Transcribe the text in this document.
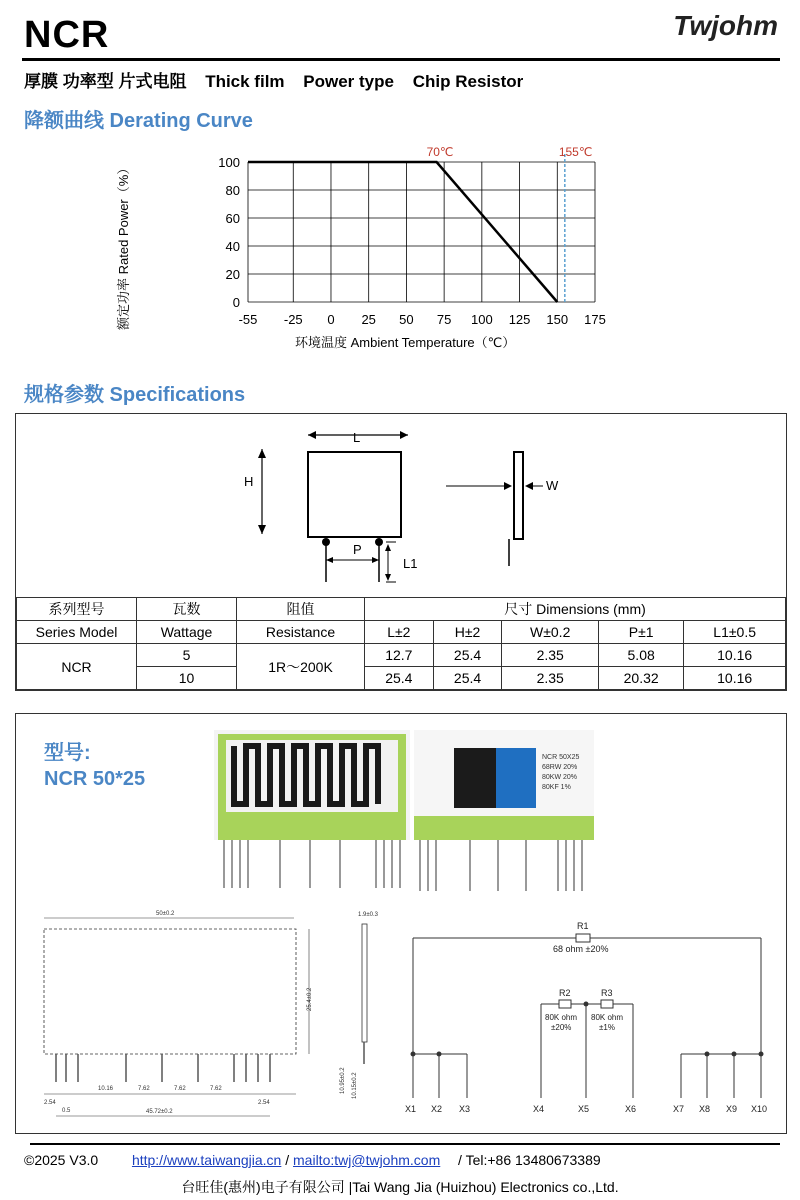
NCR	Twjohm
厚膜 功率型 片式电阻 Thick film Power type Chip Resistor
降额曲线 Derating Curve
-55 -25 0 25 50 75 100 125 150 175
0
20
40
60
80
100
70℃	155℃
额定功率 Rated Power（%）
环境温度 Ambient Temperature（℃）
规格参数 Specifications
L
H
P
L1
W
系列型号	瓦数	阻值	尺寸 Dimensions (mm)				
Series Model	Wattage	Resistance	L±2	H±2	W±0.2	P±1	L1±0.5
NCR	5	1R～200K	12.7	25.4	2.35	5.08	10.16
	10		25.4	25.4	2.35	20.32	10.16
型号:
NCR 50*25
NCR 50X25
68RW 20%
80KW 20%
80KF 1%
50±0.2
25.4±0.2
2.54
10.16	7.62	7.62	7.62
2.54
0.5	45.72±0.2
1.9±0.3
10.95±0.2 10.15±0.2
R1
68 ohm ±20%
R2
80K ohm
±20%
R3
80K ohm
±1%
X1 X2 X3	X4	X5	X6	X7 X8 X9 X10
©2025 V3.0 http://www.taiwangjia.cn / mailto:twj@twjohm.com / Tel:+86 13480673389
台旺佳(惠州)电子有限公司 |Tai Wang Jia (Huizhou) Electronics co.,Ltd.
